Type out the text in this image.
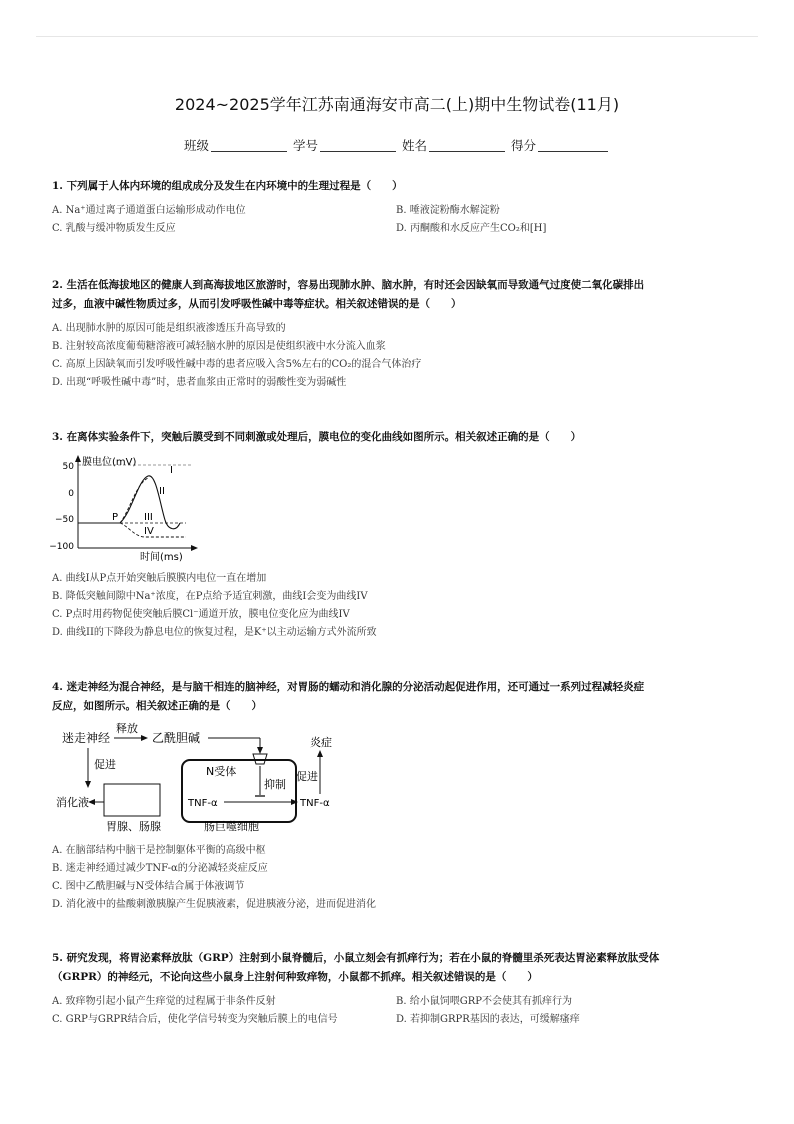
2024~2025学年江苏南通海安市高二(上)期中生物试卷(11月)
班级	学号	姓名	得分
1. 下列属于人体内环境的组成成分及发生在内环境中的生理过程是（　　）
A. Na⁺通过离子通道蛋白运输形成动作电位	B. 唾液淀粉酶水解淀粉
C. 乳酸与缓冲物质发生反应	D. 丙酮酸和水反应产生CO₂和[H]
2. 生活在低海拔地区的健康人到高海拔地区旅游时，容易出现肺水肿、脑水肿，有时还会因缺氧而导致通气过度使二氧化碳排出
过多，血液中碱性物质过多，从而引发呼吸性碱中毒等症状。相关叙述错误的是（　　）
A. 出现肺水肿的原因可能是组织液渗透压升高导致的
B. 注射较高浓度葡萄糖溶液可减轻脑水肿的原因是使组织液中水分流入血浆
C. 高原上因缺氧而引发呼吸性碱中毒的患者应吸入含5%左右的CO₂的混合气体治疗
D. 出现“呼吸性碱中毒”时，患者血浆由正常时的弱酸性变为弱碱性
3. 在离体实验条件下，突触后膜受到不同刺激或处理后，膜电位的变化曲线如图所示。相关叙述正确的是（　　）
膜电位(mV)
时间(ms)
50
0
−50
−100
P
I
II
III
IV
A. 曲线I从P点开始突触后膜膜内电位一直在增加
B. 降低突触间隙中Na⁺浓度，在P点给予适宜刺激，曲线I会变为曲线IV
C. P点时用药物促使突触后膜Cl⁻通道开放，膜电位变化应为曲线IV
D. 曲线II的下降段为静息电位的恢复过程，是K⁺以主动运输方式外流所致
4. 迷走神经为混合神经，是与脑干相连的脑神经，对胃肠的蠕动和消化腺的分泌活动起促进作用，还可通过一系列过程减轻炎症
反应，如图所示。相关叙述正确的是（　　）
迷走神经
释放
乙酰胆碱
促进
消化液
胃腺、肠腺
N受体
抑制
TNF-α	TNF-α
肠巨噬细胞
促进
炎症
A. 在脑部结构中脑干是控制躯体平衡的高级中枢
B. 迷走神经通过减少TNF-α的分泌减轻炎症反应
C. 图中乙酰胆碱与N受体结合属于体液调节
D. 消化液中的盐酸刺激胰腺产生促胰液素，促进胰液分泌，进而促进消化
5. 研究发现，将胃泌素释放肽（GRP）注射到小鼠脊髓后，小鼠立刻会有抓痒行为；若在小鼠的脊髓里杀死表达胃泌素释放肽受体
（GRPR）的神经元，不论向这些小鼠身上注射何种致痒物，小鼠都不抓痒。相关叙述错误的是（　　）
A. 致痒物引起小鼠产生痒觉的过程属于非条件反射	B. 给小鼠饲喂GRP不会使其有抓痒行为
C. GRP与GRPR结合后，使化学信号转变为突触后膜上的电信号	D. 若抑制GRPR基因的表达，可缓解瘙痒
